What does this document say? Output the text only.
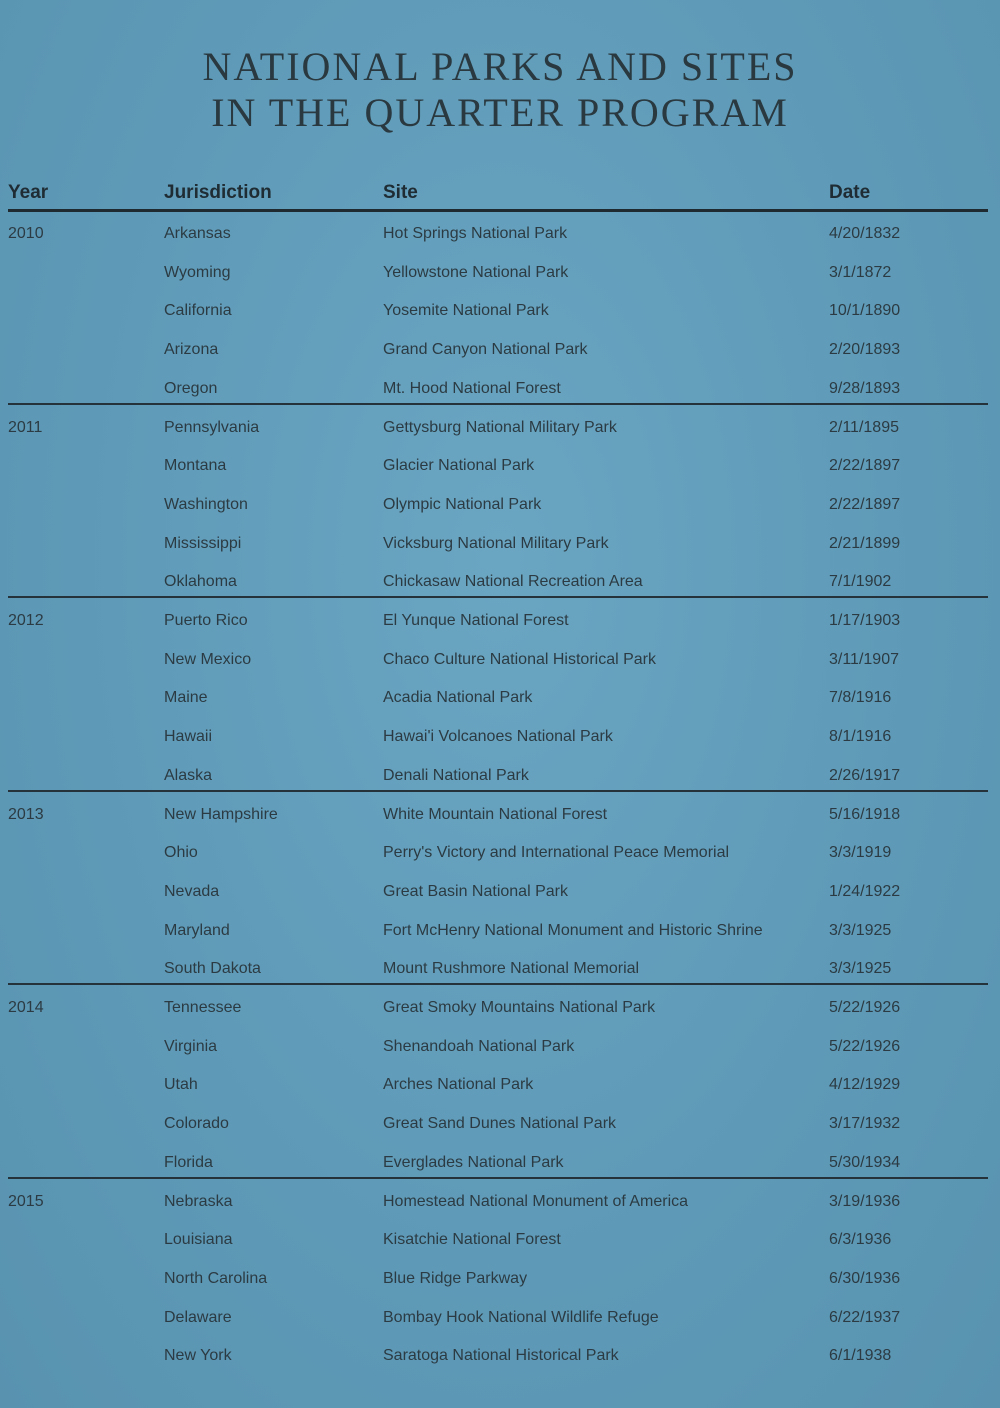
NATIONAL PARKS AND SITES
IN THE QUARTER PROGRAM
Year	Jurisdiction	Site	Date
2010	Arkansas	Hot Springs National Park	4/20/1832
Wyoming	Yellowstone National Park	3/1/1872
California	Yosemite National Park	10/1/1890
Arizona	Grand Canyon National Park	2/20/1893
Oregon	Mt. Hood National Forest	9/28/1893
2011	Pennsylvania	Gettysburg National Military Park	2/11/1895
Montana	Glacier National Park	2/22/1897
Washington	Olympic National Park	2/22/1897
Mississippi	Vicksburg National Military Park	2/21/1899
Oklahoma	Chickasaw National Recreation Area	7/1/1902
2012	Puerto Rico	El Yunque National Forest	1/17/1903
New Mexico	Chaco Culture National Historical Park	3/11/1907
Maine	Acadia National Park	7/8/1916
Hawaii	Hawai'i Volcanoes National Park	8/1/1916
Alaska	Denali National Park	2/26/1917
2013	New Hampshire	White Mountain National Forest	5/16/1918
Ohio	Perry's Victory and International Peace Memorial	3/3/1919
Nevada	Great Basin National Park	1/24/1922
Maryland	Fort McHenry National Monument and Historic Shrine	3/3/1925
South Dakota	Mount Rushmore National Memorial	3/3/1925
2014	Tennessee	Great Smoky Mountains National Park	5/22/1926
Virginia	Shenandoah National Park	5/22/1926
Utah	Arches National Park	4/12/1929
Colorado	Great Sand Dunes National Park	3/17/1932
Florida	Everglades National Park	5/30/1934
2015	Nebraska	Homestead National Monument of America	3/19/1936
Louisiana	Kisatchie National Forest	6/3/1936
North Carolina	Blue Ridge Parkway	6/30/1936
Delaware	Bombay Hook National Wildlife Refuge	6/22/1937
New York	Saratoga National Historical Park	6/1/1938
